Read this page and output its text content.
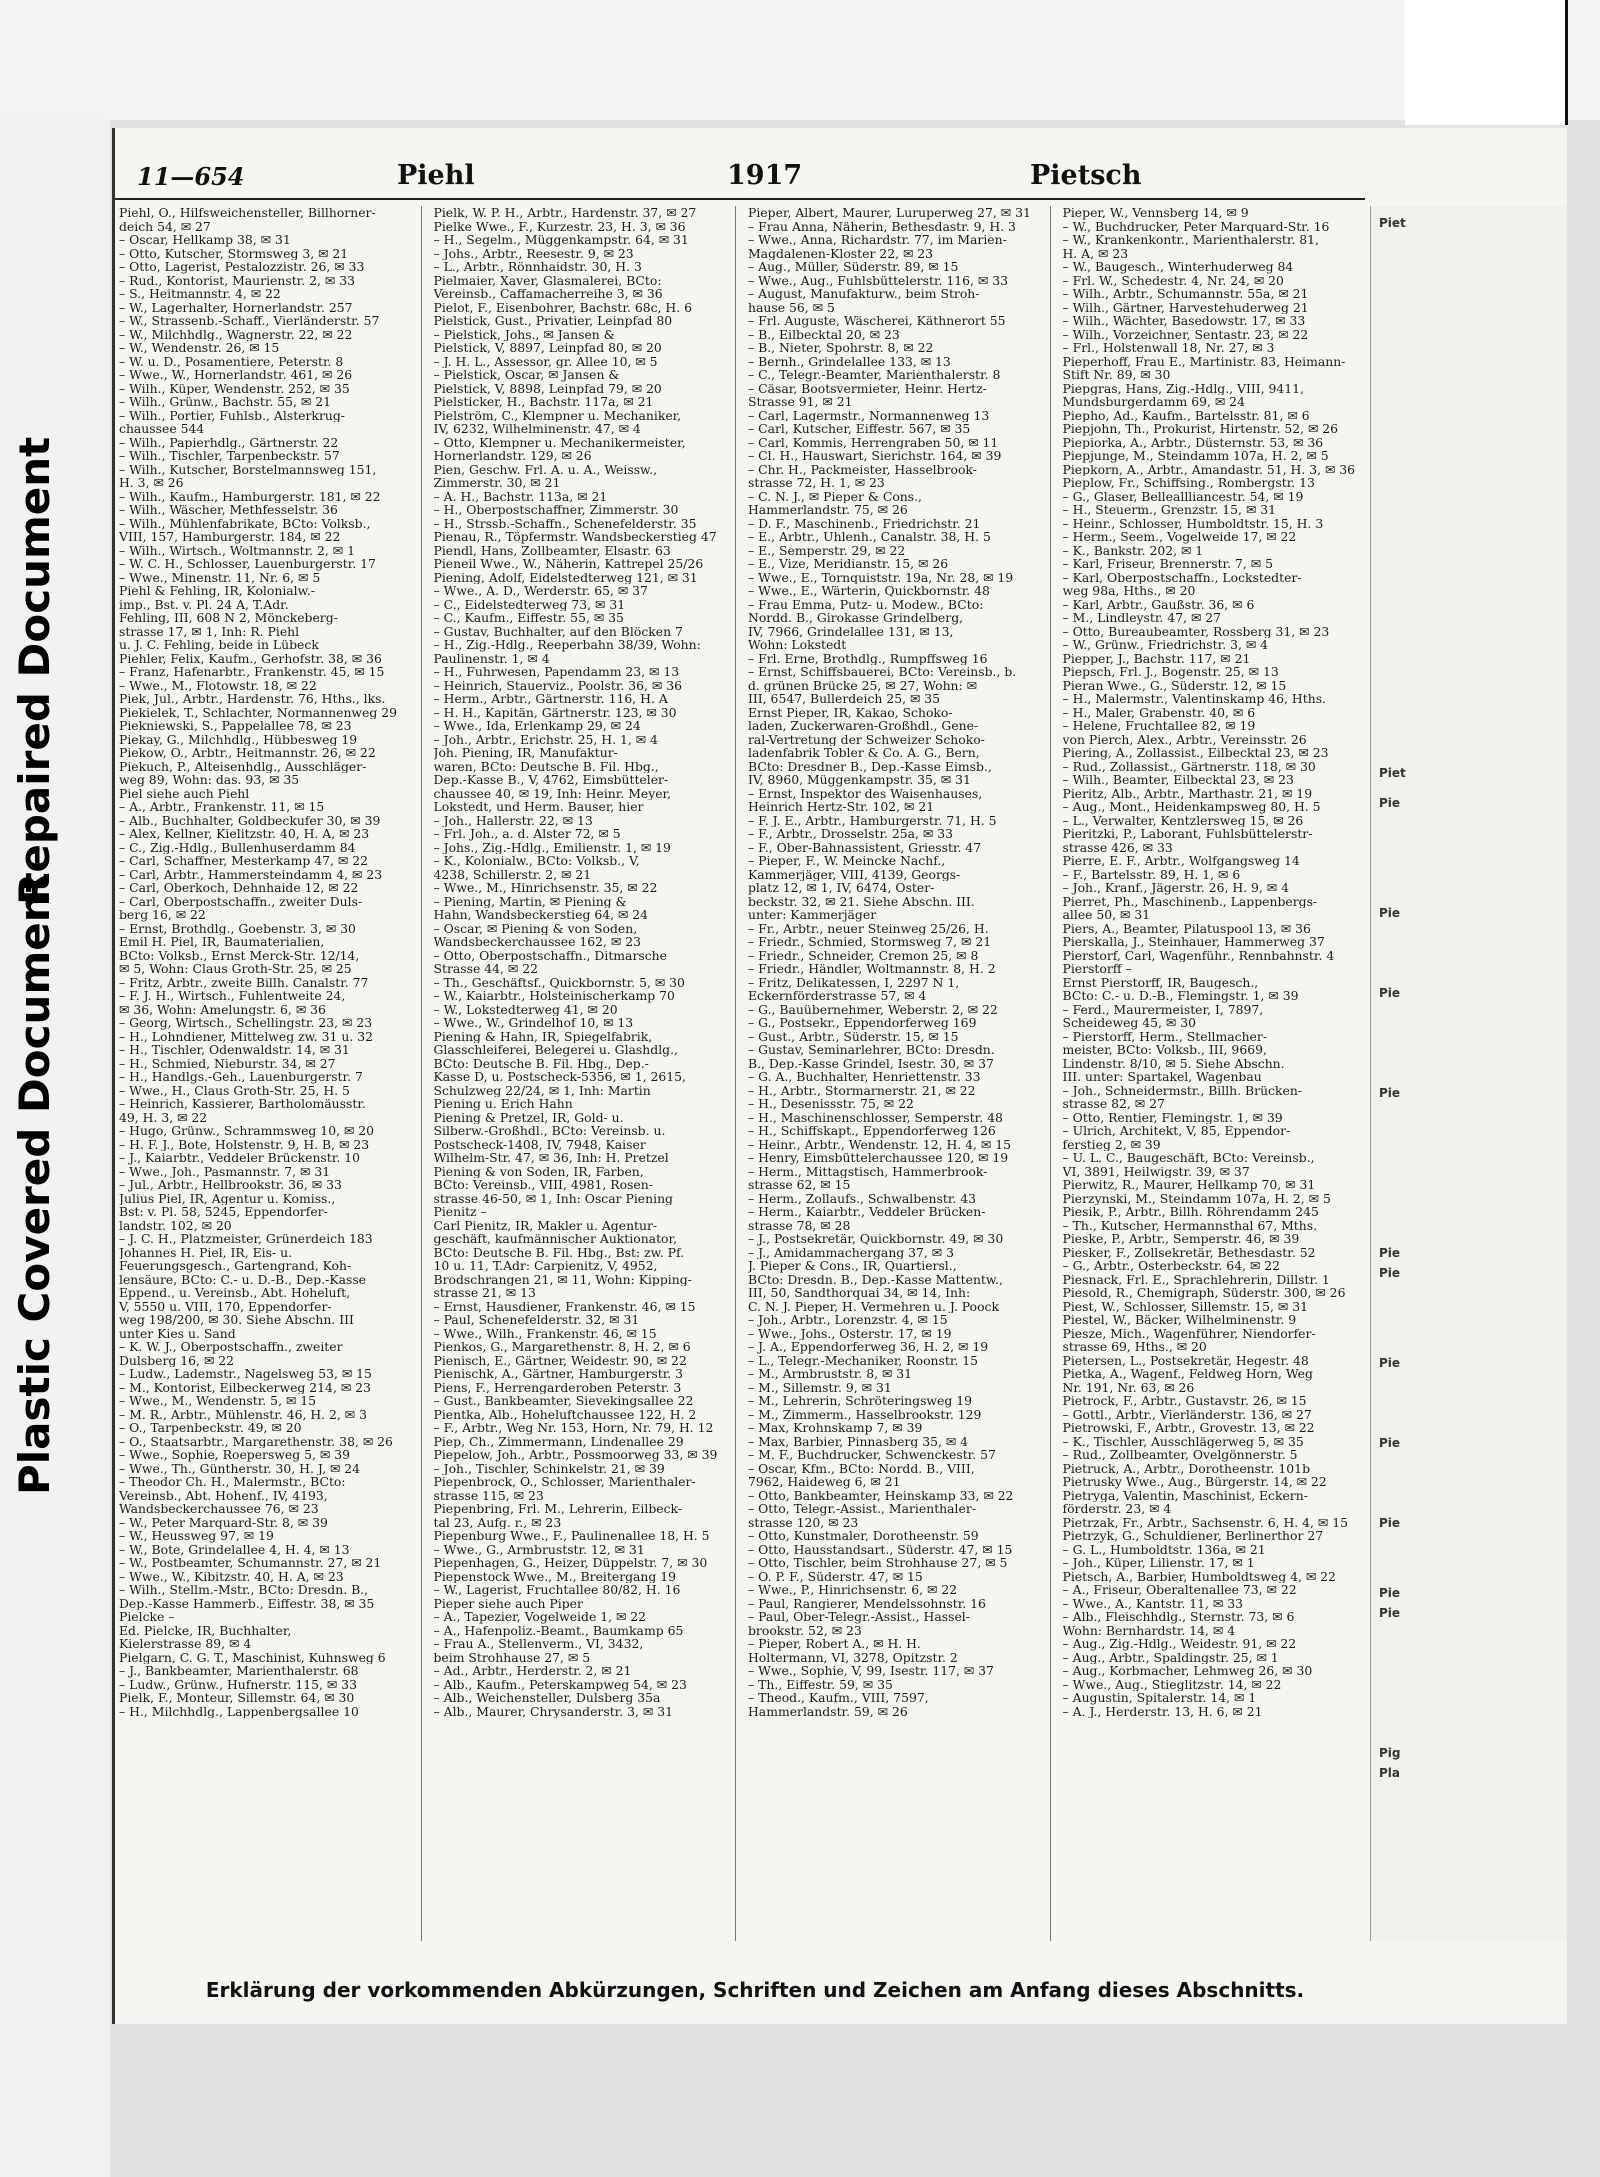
Repaired Document
Plastic Covered Document
11—654	Piehl	1917	Pietsch
Piehl, O., Hilfsweichensteller, Billhorner-
deich 54, ✉ 27
– Oscar, Hellkamp 38, ✉ 31
– Otto, Kutscher, Stormsweg 3, ✉ 21
– Otto, Lagerist, Pestalozzistr. 26, ✉ 33
– Rud., Kontorist, Maurienstr. 2, ✉ 33
– S., Heitmannstr. 4, ✉ 22
– W., Lagerhalter, Hornerlandstr. 257
– W., Strassenb.-Schaff., Vierländerstr. 57
– W., Milchhdlg., Wagnerstr. 22, ✉ 22
– W., Wendenstr. 26, ✉ 15
– W. u. D., Posamentiere, Peterstr. 8
– Wwe., W., Hornerlandstr. 461, ✉ 26
– Wilh., Küper, Wendenstr. 252, ✉ 35
– Wilh., Grünw., Bachstr. 55, ✉ 21
– Wilh., Portier, Fuhlsb., Alsterkrug-
chaussee 544
– Wilh., Papierhdlg., Gärtnerstr. 22
– Wilh., Tischler, Tarpenbeckstr. 57
– Wilh., Kutscher, Borstelmannsweg 151,
H. 3, ✉ 26
– Wilh., Kaufm., Hamburgerstr. 181, ✉ 22
– Wilh., Wäscher, Methfesselstr. 36
– Wilh., Mühlenfabrikate, BCto: Volksb.,
VIII, 157, Hamburgerstr. 184, ✉ 22
– Wilh., Wirtsch., Woltmannstr. 2, ✉ 1
– W. C. H., Schlosser, Lauenburgerstr. 17
– Wwe., Minenstr. 11, Nr. 6, ✉ 5
Piehl & Fehling, IR, Kolonialw.-
imp., Bst. v. Pl. 24 A, T.Adr.
Fehling, III, 608 N 2, Mönckeberg-
strasse 17, ✉ 1, Inh: R. Piehl
u. J. C. Fehling, beide in Lübeck
Piehler, Felix, Kaufm., Gerhofstr. 38, ✉ 36
– Franz, Hafenarbtr., Frankenstr. 45, ✉ 15
– Wwe., M., Flotowstr. 18, ✉ 22
Piek, Jul., Arbtr., Hardenstr. 76, Hths., lks.
Piekielek, T., Schlachter, Normannenweg 29
Piekniewski, S., Pappelallee 78, ✉ 23
Piekay, G., Milchhdlg., Hübbesweg 19
Piekow, O., Arbtr., Heitmannstr. 26, ✉ 22
Piekuch, P., Alteisenhdlg., Ausschläger-
weg 89, Wohn: das. 93, ✉ 35
Piel siehe auch Piehl
– A., Arbtr., Frankenstr. 11, ✉ 15
– Alb., Buchhalter, Goldbeckufer 30, ✉ 39
– Alex, Kellner, Kielitzstr. 40, H. A, ✉ 23
– C., Zig.-Hdlg., Bullenhuserdamm 84
– Carl, Schaffner, Mesterkamp 47, ✉ 22
– Carl, Arbtr., Hammersteindamm 4, ✉ 23
– Carl, Oberkoch, Dehnhaide 12, ✉ 22
– Carl, Oberpostschaffn., zweiter Duls-
berg 16, ✉ 22
– Ernst, Brothdlg., Goebenstr. 3, ✉ 30
Emil H. Piel, IR, Baumaterialien,
BCto: Volksb., Ernst Merck-Str. 12/14,
✉ 5, Wohn: Claus Groth-Str. 25, ✉ 25
– Fritz, Arbtr., zweite Billh. Canalstr. 77
– F. J. H., Wirtsch., Fuhlentweite 24,
✉ 36, Wohn: Amelungstr. 6, ✉ 36
– Georg, Wirtsch., Schellingstr. 23, ✉ 23
– H., Lohndiener, Mittelweg zw. 31 u. 32
– H., Tischler, Odenwaldstr. 14, ✉ 31
– H., Schmied, Nieburstr. 34, ✉ 27
– H., Handlgs.-Geh., Lauenburgerstr. 7
– Wwe., H., Claus Groth-Str. 25, H. 5
– Heinrich, Kassierer, Bartholomäusstr.
49, H. 3, ✉ 22
– Hugo, Grünw., Schrammsweg 10, ✉ 20
– H. F. J., Bote, Holstenstr. 9, H. B, ✉ 23
– J., Kaiarbtr., Veddeler Brückenstr. 10
– Wwe., Joh., Pasmannstr. 7, ✉ 31
– Jul., Arbtr., Hellbrookstr. 36, ✉ 33
Julius Piel, IR, Agentur u. Komiss.,
Bst: v. Pl. 58, 5245, Eppendorfer-
landstr. 102, ✉ 20
– J. C. H., Platzmeister, Grünerdeich 183
Johannes H. Piel, IR, Eis- u.
Feuerungsgesch., Gartengrand, Koh-
lensäure, BCto: C.- u. D.-B., Dep.-Kasse
Eppend., u. Vereinsb., Abt. Hoheluft,
V, 5550 u. VIII, 170, Eppendorfer-
weg 198/200, ✉ 30. Siehe Abschn. III
unter Kies u. Sand
– K. W. J., Oberpostschaffn., zweiter
Dulsberg 16, ✉ 22
– Ludw., Lademstr., Nagelsweg 53, ✉ 15
– M., Kontorist, Eilbeckerweg 214, ✉ 23
– Wwe., M., Wendenstr. 5, ✉ 15
– M. R., Arbtr., Mühlenstr. 46, H. 2, ✉ 3
– O., Tarpenbeckstr. 49, ✉ 20
– O., Staatsarbtr., Margarethenstr. 38, ✉ 26
– Wwe., Sophie, Roepersweg 5, ✉ 39
– Wwe., Th., Güntherstr. 30, H. J, ✉ 24
– Theodor Ch. H., Malermstr., BCto:
Vereinsb., Abt. Hohenf., IV, 4193,
Wandsbeckerchaussee 76, ✉ 23
– W., Peter Marquard-Str. 8, ✉ 39
– W., Heussweg 97, ✉ 19
– W., Bote, Grindelallee 4, H. 4, ✉ 13
– W., Postbeamter, Schumannstr. 27, ✉ 21
– Wwe., W., Kibitzstr. 40, H. A, ✉ 23
– Wilh., Stellm.-Mstr., BCto: Dresdn. B.,
Dep.-Kasse Hammerb., Eiffestr. 38, ✉ 35
Pielcke –
Ed. Pielcke, IR, Buchhalter,
Kielerstrasse 89, ✉ 4
Pielgarn, C. G. T., Maschinist, Kuhnsweg 6
– J., Bankbeamter, Marienthalerstr. 68
– Ludw., Grünw., Hufnerstr. 115, ✉ 33
Pielk, F., Monteur, Sillemstr. 64, ✉ 30
– H., Milchhdlg., Lappenbergsallee 10
Pielk, W. P. H., Arbtr., Hardenstr. 37, ✉ 27
Pielke Wwe., F., Kurzestr. 23, H. 3, ✉ 36
– H., Segelm., Müggenkampstr. 64, ✉ 31
– Johs., Arbtr., Reesestr. 9, ✉ 23
– L., Arbtr., Rönnhaidstr. 30, H. 3
Pielmaier, Xaver, Glasmalerei, BCto:
Vereinsb., Caffamacherreihe 3, ✉ 36
Pielot, F., Eisenbohrer, Bachstr. 68c, H. 6
Pielstick, Gust., Privatier, Leinpfad 80
– Pielstick, Johs., ✉ Jansen &
Pielstick, V, 8897, Leinpfad 80, ✉ 20
– J. H. L., Assessor, gr. Allee 10, ✉ 5
– Pielstick, Oscar, ✉ Jansen &
Pielstick, V, 8898, Leinpfad 79, ✉ 20
Pielsticker, H., Bachstr. 117a, ✉ 21
Pielström, C., Klempner u. Mechaniker,
IV, 6232, Wilhelminenstr. 47, ✉ 4
– Otto, Klempner u. Mechanikermeister,
Hornerlandstr. 129, ✉ 26
Pien, Geschw. Frl. A. u. A., Weissw.,
Zimmerstr. 30, ✉ 21
– A. H., Bachstr. 113a, ✉ 21
– H., Oberpostschaffner, Zimmerstr. 30
– H., Strssb.-Schaffn., Schenefelderstr. 35
Pienau, R., Töpfermstr. Wandsbeckerstieg 47
Piendl, Hans, Zollbeamter, Elsastr. 63
Pieneil Wwe., W., Näherin, Kattrepel 25/26
Piening, Adolf, Eidelstedterweg 121, ✉ 31
– Wwe., A. D., Werderstr. 65, ✉ 37
– C., Eidelstedterweg 73, ✉ 31
– C., Kaufm., Eiffestr. 55, ✉ 35
– Gustav, Buchhalter, auf den Blöcken 7
– H., Zig.-Hdlg., Reeperbahn 38/39, Wohn:
Paulinenstr. 1, ✉ 4
– H., Fuhrwesen, Papendamm 23, ✉ 13
– Heinrich, Stauerviz., Poolstr. 36, ✉ 36
– Herm., Arbtr., Gärtnerstr. 116, H. A
– H. H., Kapitän, Gärtnerstr. 123, ✉ 30
– Wwe., Ida, Erlenkamp 29, ✉ 24
– Joh., Arbtr., Erichstr. 25, H. 1, ✉ 4
Joh. Piening, IR, Manufaktur-
waren, BCto: Deutsche B. Fil. Hbg.,
Dep.-Kasse B., V, 4762, Eimsbütteler-
chaussee 40, ✉ 19, Inh: Heinr. Meyer,
Lokstedt, und Herm. Bauser, hier
– Joh., Hallerstr. 22, ✉ 13
– Frl. Joh., a. d. Alster 72, ✉ 5
– Johs., Zig.-Hdlg., Emilienstr. 1, ✉ 19
– K., Kolonialw., BCto: Volksb., V,
4238, Schillerstr. 2, ✉ 21
– Wwe., M., Hinrichsenstr. 35, ✉ 22
– Piening, Martin, ✉ Piening &
Hahn, Wandsbeckerstieg 64, ✉ 24
– Oscar, ✉ Piening & von Soden,
Wandsbeckerchaussee 162, ✉ 23
– Otto, Oberpostschaffn., Ditmarsche
Strasse 44, ✉ 22
– Th., Geschäftsf., Quickbornstr. 5, ✉ 30
– W., Kaiarbtr., Holsteinischerkamp 70
– W., Lokstedterweg 41, ✉ 20
– Wwe., W., Grindelhof 10, ✉ 13
Piening & Hahn, IR, Spiegelfabrik,
Glasschleiferei, Belegerei u. Glashdlg.,
BCto: Deutsche B. Fil. Hbg., Dep.-
Kasse D, u. Postscheck-5356, ✉ 1, 2615,
Schulzweg 22/24, ✉ 1, Inh: Martin
Piening u. Erich Hahn
Piening & Pretzel, IR, Gold- u.
Silberw.-Großhdl., BCto: Vereinsb. u.
Postscheck-1408, IV, 7948, Kaiser
Wilhelm-Str. 47, ✉ 36, Inh: H. Pretzel
Piening & von Soden, IR, Farben,
BCto: Vereinsb., VIII, 4981, Rosen-
strasse 46-50, ✉ 1, Inh: Oscar Piening
Pienitz –
Carl Pienitz, IR, Makler u. Agentur-
geschäft, kaufmännischer Auktionator,
BCto: Deutsche B. Fil. Hbg., Bst: zw. Pf.
10 u. 11, T.Adr: Carpienitz, V, 4952,
Brodschrangen 21, ✉ 11, Wohn: Kipping-
strasse 21, ✉ 13
– Ernst, Hausdiener, Frankenstr. 46, ✉ 15
– Paul, Schenefelderstr. 32, ✉ 31
– Wwe., Wilh., Frankenstr. 46, ✉ 15
Pienkos, G., Margarethenstr. 8, H. 2, ✉ 6
Pienisch, E., Gärtner, Weidestr. 90, ✉ 22
Pienischk, A., Gärtner, Hamburgerstr. 3
Piens, F., Herrengarderoben Peterstr. 3
– Gust., Bankbeamter, Sievekingsallee 22
Pientka, Alb., Hoheluftchaussee 122, H. 2
– F., Arbtr., Weg Nr. 153, Horn, Nr. 79, H. 12
Piep, Ch., Zimmermann, Lindenallee 29
Piepelow, Joh., Arbtr., Possmoorweg 33, ✉ 39
– Joh., Tischler, Schinkelstr. 21, ✉ 39
Piepenbrock, O., Schlosser, Marienthaler-
strasse 115, ✉ 23
Piepenbring, Frl. M., Lehrerin, Eilbeck-
tal 23, Aufg. r., ✉ 23
Piepenburg Wwe., F., Paulinenallee 18, H. 5
– Wwe., G., Armbruststr. 12, ✉ 31
Piepenhagen, G., Heizer, Düppelstr. 7, ✉ 30
Piepenstock Wwe., M., Breitergang 19
– W., Lagerist, Fruchtallee 80/82, H. 16
Pieper siehe auch Piper
– A., Tapezier, Vogelweide 1, ✉ 22
– A., Hafenpoliz.-Beamt., Baumkamp 65
– Frau A., Stellenverm., VI, 3432,
beim Strohhause 27, ✉ 5
– Ad., Arbtr., Herderstr. 2, ✉ 21
– Alb., Kaufm., Peterskampweg 54, ✉ 23
– Alb., Weichensteller, Dulsberg 35a
– Alb., Maurer, Chrysanderstr. 3, ✉ 31
Pieper, Albert, Maurer, Luruperweg 27, ✉ 31
– Frau Anna, Näherin, Bethesdastr. 9, H. 3
– Wwe., Anna, Richardstr. 77, im Marien-
Magdalenen-Kloster 22, ✉ 23
– Aug., Müller, Süderstr. 89, ✉ 15
– Wwe., Aug., Fuhlsbüttelerstr. 116, ✉ 33
– August, Manufakturw., beim Stroh-
hause 56, ✉ 5
– Frl. Auguste, Wäscherei, Käthnerort 55
– B., Eilbecktal 20, ✉ 23
– B., Nieter, Spohrstr. 8, ✉ 22
– Bernh., Grindelallee 133, ✉ 13
– C., Telegr.-Beamter, Marienthalerstr. 8
– Cäsar, Bootsvermieter, Heinr. Hertz-
Strasse 91, ✉ 21
– Carl, Lagermstr., Normannenweg 13
– Carl, Kutscher, Eiffestr. 567, ✉ 35
– Carl, Kommis, Herrengraben 50, ✉ 11
– Cl. H., Hauswart, Sierichstr. 164, ✉ 39
– Chr. H., Packmeister, Hasselbrook-
strasse 72, H. 1, ✉ 23
– C. N. J., ✉ Pieper & Cons.,
Hammerlandstr. 75, ✉ 26
– D. F., Maschinenb., Friedrichstr. 21
– E., Arbtr., Uhlenh., Canalstr. 38, H. 5
– E., Semperstr. 29, ✉ 22
– E., Vize, Meridianstr. 15, ✉ 26
– Wwe., E., Tornquiststr. 19a, Nr. 28, ✉ 19
– Wwe., E., Wärterin, Quickbornstr. 48
– Frau Emma, Putz- u. Modew., BCto:
Nordd. B., Girokasse Grindelberg,
IV, 7966, Grindelallee 131, ✉ 13,
Wohn: Lokstedt
– Frl. Erne, Brothdlg., Rumpffsweg 16
– Ernst, Schiffsbauerei, BCto: Vereinsb., b.
d. grünen Brücke 25, ✉ 27, Wohn: ✉
III, 6547, Bullerdeich 25, ✉ 35
Ernst Pieper, IR, Kakao, Schoko-
laden, Zuckerwaren-Großhdl., Gene-
ral-Vertretung der Schweizer Schoko-
ladenfabrik Tobler & Co. A. G., Bern,
BCto: Dresdner B., Dep.-Kasse Eimsb.,
IV, 8960, Müggenkampstr. 35, ✉ 31
– Ernst, Inspektor des Waisenhauses,
Heinrich Hertz-Str. 102, ✉ 21
– F. J. E., Arbtr., Hamburgerstr. 71, H. 5
– F., Arbtr., Drosselstr. 25a, ✉ 33
– F., Ober-Bahnassistent, Griesstr. 47
– Pieper, F., W. Meincke Nachf.,
Kammerjäger, VIII, 4139, Georgs-
platz 12, ✉ 1, IV, 6474, Oster-
beckstr. 32, ✉ 21. Siehe Abschn. III.
unter: Kammerjäger
– Fr., Arbtr., neuer Steinweg 25/26, H.
– Friedr., Schmied, Stormsweg 7, ✉ 21
– Friedr., Schneider, Cremon 25, ✉ 8
– Friedr., Händler, Woltmannstr. 8, H. 2
– Fritz, Delikatessen, I, 2297 N 1,
Eckernförderstrasse 57, ✉ 4
– G., Bauübernehmer, Weberstr. 2, ✉ 22
– G., Postsekr., Eppendorferweg 169
– Gust., Arbtr., Süderstr. 15, ✉ 15
– Gustav, Seminarlehrer, BCto: Dresdn.
B., Dep.-Kasse Grindel, Isestr. 30, ✉ 37
– G. A., Buchhalter, Henriettenstr. 33
– H., Arbtr., Stormarnerstr. 21, ✉ 22
– H., Desenissstr. 75, ✉ 22
– H., Maschinenschlosser, Semperstr. 48
– H., Schiffskapt., Eppendorferweg 126
– Heinr., Arbtr., Wendenstr. 12, H. 4, ✉ 15
– Henry, Eimsbüttelerchaussee 120, ✉ 19
– Herm., Mittagstisch, Hammerbrook-
strasse 62, ✉ 15
– Herm., Zollaufs., Schwalbenstr. 43
– Herm., Kaiarbtr., Veddeler Brücken-
strasse 78, ✉ 28
– J., Postsekretär, Quickbornstr. 49, ✉ 30
– J., Amidammachergang 37, ✉ 3
J. Pieper & Cons., IR, Quartiersl.,
BCto: Dresdn. B., Dep.-Kasse Mattentw.,
III, 50, Sandthorquai 34, ✉ 14, Inh:
C. N. J. Pieper, H. Vermehren u. J. Poock
– Joh., Arbtr., Lorenzstr. 4, ✉ 15
– Wwe., Johs., Osterstr. 17, ✉ 19
– J. A., Eppendorferweg 36, H. 2, ✉ 19
– L., Telegr.-Mechaniker, Roonstr. 15
– M., Armbruststr. 8, ✉ 31
– M., Sillemstr. 9, ✉ 31
– M., Lehrerin, Schröteringsweg 19
– M., Zimmerm., Hasselbrookstr. 129
– Max, Krohnskamp 7, ✉ 39
– Max, Barbier, Pinnasberg 35, ✉ 4
– M. F., Buchdrucker, Schwenckestr. 57
– Oscar, Kfm., BCto: Nordd. B., VIII,
7962, Haideweg 6, ✉ 21
– Otto, Bankbeamter, Heinskamp 33, ✉ 22
– Otto, Telegr.-Assist., Marienthaler-
strasse 120, ✉ 23
– Otto, Kunstmaler, Dorotheenstr. 59
– Otto, Hausstandsart., Süderstr. 47, ✉ 15
– Otto, Tischler, beim Strohhause 27, ✉ 5
– O. P. F., Süderstr. 47, ✉ 15
– Wwe., P., Hinrichsenstr. 6, ✉ 22
– Paul, Rangierer, Mendelssohnstr. 16
– Paul, Ober-Telegr.-Assist., Hassel-
brookstr. 52, ✉ 23
– Pieper, Robert A., ✉ H. H.
Holtermann, VI, 3278, Opitzstr. 2
– Wwe., Sophie, V, 99, Isestr. 117, ✉ 37
– Th., Eiffestr. 59, ✉ 35
– Theod., Kaufm., VIII, 7597,
Hammerlandstr. 59, ✉ 26
Pieper, W., Vennsberg 14, ✉ 9
– W., Buchdrucker, Peter Marquard-Str. 16
– W., Krankenkontr., Marienthalerstr. 81,
H. A, ✉ 23
– W., Baugesch., Winterhuderweg 84
– Frl. W., Schedestr. 4, Nr. 24, ✉ 20
– Wilh., Arbtr., Schumannstr. 55a, ✉ 21
– Wilh., Gärtner, Harvestehuderweg 21
– Wilh., Wächter, Basedowstr. 17, ✉ 33
– Wilh., Vorzeichner, Sentastr. 23, ✉ 22
– Frl., Holstenwall 18, Nr. 27, ✉ 3
Pieperhoff, Frau E., Martinistr. 83, Heimann-
Stift Nr. 89, ✉ 30
Piepgras, Hans, Zig.-Hdlg., VIII, 9411,
Mundsburgerdamm 69, ✉ 24
Piepho, Ad., Kaufm., Bartelsstr. 81, ✉ 6
Piepjohn, Th., Prokurist, Hirtenstr. 52, ✉ 26
Piepiorka, A., Arbtr., Düsternstr. 53, ✉ 36
Piepjunge, M., Steindamm 107a, H. 2, ✉ 5
Piepkorn, A., Arbtr., Amandastr. 51, H. 3, ✉ 36
Pieplow, Fr., Schiffsing., Rombergstr. 13
– G., Glaser, Belleallliancestr. 54, ✉ 19
– H., Steuerm., Grenzstr. 15, ✉ 31
– Heinr., Schlosser, Humboldtstr. 15, H. 3
– Herm., Seem., Vogelweide 17, ✉ 22
– K., Bankstr. 202, ✉ 1
– Karl, Friseur, Brennerstr. 7, ✉ 5
– Karl, Oberpostschaffn., Lockstedter-
weg 98a, Hths., ✉ 20
– Karl, Arbtr., Gaußstr. 36, ✉ 6
– M., Lindleystr. 47, ✉ 27
– Otto, Bureaubeamter, Rossberg 31, ✉ 23
– W., Grünw., Friedrichstr. 3, ✉ 4
Piepper, J., Bachstr. 117, ✉ 21
Piepsch, Frl. J., Bogenstr. 25, ✉ 13
Pieran Wwe., G., Süderstr. 12, ✉ 15
– H., Malermstr., Valentinskamp 46, Hths.
– H., Maler, Grabenstr. 40, ✉ 6
– Helene, Fruchtallee 82, ✉ 19
von Pierch, Alex., Arbtr., Vereinsstr. 26
Piering, A., Zollassist., Eilbecktal 23, ✉ 23
– Rud., Zollassist., Gärtnerstr. 118, ✉ 30
– Wilh., Beamter, Eilbecktal 23, ✉ 23
Pieritz, Alb., Arbtr., Marthastr. 21, ✉ 19
– Aug., Mont., Heidenkampsweg 80, H. 5
– L., Verwalter, Kentzlersweg 15, ✉ 26
Pieritzki, P., Laborant, Fuhlsbüttelerstr-
strasse 426, ✉ 33
Pierre, E. F., Arbtr., Wolfgangsweg 14
– F., Bartelsstr. 89, H. 1, ✉ 6
– Joh., Kranf., Jägerstr. 26, H. 9, ✉ 4
Pierret, Ph., Maschinenb., Lappenbergs-
allee 50, ✉ 31
Piers, A., Beamter, Pilatuspool 13, ✉ 36
Pierskalla, J., Steinhauer, Hammerweg 37
Pierstorf, Carl, Wagenführ., Rennbahnstr. 4
Pierstorff –
Ernst Pierstorff, IR, Baugesch.,
BCto: C.- u. D.-B., Flemingstr. 1, ✉ 39
– Ferd., Maurermeister, I, 7897,
Scheideweg 45, ✉ 30
– Pierstorff, Herm., Stellmacher-
meister, BCto: Volksb., III, 9669,
Lindenstr. 8/10, ✉ 5. Siehe Abschn.
III. unter: Spartakel, Wagenbau
– Joh., Schneidermstr., Billh. Brücken-
strasse 82, ✉ 27
– Otto, Rentier, Flemingstr. 1, ✉ 39
– Ulrich, Architekt, V, 85, Eppendor-
ferstieg 2, ✉ 39
– U. L. C., Baugeschäft, BCto: Vereinsb.,
VI, 3891, Heilwigstr. 39, ✉ 37
Pierwitz, R., Maurer, Hellkamp 70, ✉ 31
Pierzynski, M., Steindamm 107a, H. 2, ✉ 5
Piesik, P., Arbtr., Billh. Röhrendamm 245
– Th., Kutscher, Hermannsthal 67, Mths.
Pieske, P., Arbtr., Semperstr. 46, ✉ 39
Piesker, F., Zollsekretär, Bethesdastr. 52
– G., Arbtr., Osterbeckstr. 64, ✉ 22
Piesnack, Frl. E., Sprachlehrerin, Dillstr. 1
Piesold, R., Chemigraph, Süderstr. 300, ✉ 26
Piest, W., Schlosser, Sillemstr. 15, ✉ 31
Piestel, W., Bäcker, Wilhelminenstr. 9
Piesze, Mich., Wagenführer, Niendorfer-
strasse 69, Hths., ✉ 20
Pietersen, L., Postsekretär, Hegestr. 48
Pietka, A., Wagenf., Feldweg Horn, Weg
Nr. 191, Nr. 63, ✉ 26
Pietrock, F., Arbtr., Gustavstr. 26, ✉ 15
– Gottl., Arbtr., Vierländerstr. 136, ✉ 27
Pietrowski, F., Arbtr., Grovestr. 13, ✉ 22
– K., Tischler, Ausschlägerweg 5, ✉ 35
– Rud., Zollbeamter, Ovelgönnerstr. 5
Pietruck, A., Arbtr., Dorotheenstr. 101b
Pietrusky Wwe., Aug., Bürgerstr. 14, ✉ 22
Pietryga, Valentin, Maschinist, Eckern-
förderstr. 23, ✉ 4
Pietrzak, Fr., Arbtr., Sachsenstr. 6, H. 4, ✉ 15
Pietrzyk, G., Schuldiener, Berlinerthor 27
– G. L., Humboldtstr. 136a, ✉ 21
– Joh., Küper, Lilienstr. 17, ✉ 1
Pietsch, A., Barbier, Humboldtsweg 4, ✉ 22
– A., Friseur, Oberaltenallee 73, ✉ 22
– Wwe., A., Kantstr. 11, ✉ 33
– Alb., Fleischhdlg., Sternstr. 73, ✉ 6
Wohn: Bernhardstr. 14, ✉ 4
– Aug., Zig.-Hdlg., Weidestr. 91, ✉ 22
– Aug., Arbtr., Spaldingstr. 25, ✉ 1
– Aug., Korbmacher, Lehmweg 26, ✉ 30
– Wwe., Aug., Stieglitzstr. 14, ✉ 22
– Augustin, Spitalerstr. 14, ✉ 1
– A. J., Herderstr. 13, H. 6, ✉ 21
Piet
Piet
Pie
Pie
Pie
Pie
Pie
Pie
Pie
Pie
Pie
Pie
Pie
Pig
Pla
Erklärung der vorkommenden Abkürzungen, Schriften und Zeichen am Anfang dieses Abschnitts.
